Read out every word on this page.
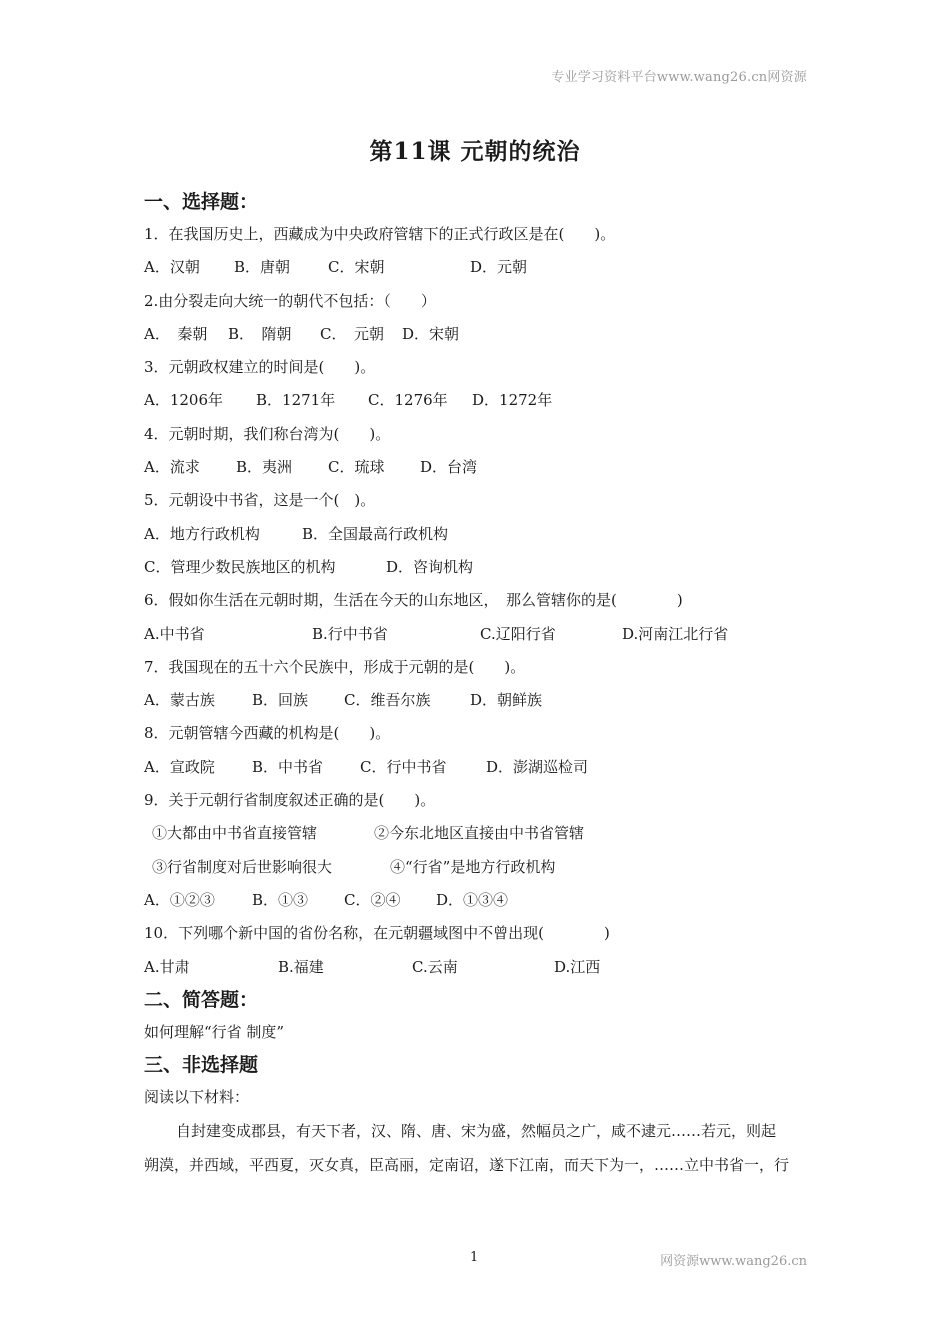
专业学习资料平台www.wang26.cn网资源
第11课 元朝的统治
一、选择题：
1．在我国历史上，西藏成为中央政府管辖下的正式行政区是在(　　)。
A．汉朝 B．唐朝	C．宋朝	D．元朝
2.由分裂走向大统一的朝代不包括：（　　）
A．　秦朝 B．　隋朝 C．　元朝 D．宋朝
3．元朝政权建立的时间是(　　)。
A．1206年 B．1271年 C．1276年 D．1272年
4．元朝时期，我们称台湾为(　　)。
A．流求 B．夷洲 C．琉球 D．台湾
5．元朝设中书省，这是一个(　)。
A．地方行政机构	B．全国最高行政机构
C．管理少数民族地区的机构	D．咨询机构
6．假如你生活在元朝时期，生活在今天的山东地区，　那么管辖你的是(　　　　)
A.中书省	B.行中书省	C.辽阳行省	D.河南江北行省
7．我国现在的五十六个民族中，形成于元朝的是(　　)。
A．蒙古族 B．回族 C．维吾尔族	D．朝鲜族
8．元朝管辖今西藏的机构是(　　)。
A．宣政院 B．中书省 C．行中书省	D．澎湖巡检司
9．关于元朝行省制度叙述正确的是(　　)。
①大都由中书省直接管辖	②今东北地区直接由中书省管辖
③行省制度对后世影响很大	④“行省”是地方行政机构
A．①②③ B．①③ C．②④ D．①③④
10．下列哪个新中国的省份名称，在元朝疆域图中不曾出现(　　　　)
A.甘肃	B.福建	C.云南	D.江西
二、简答题：
如何理解“行省 制度”
三、非选择题
阅读以下材料：
自封建变成郡县，有天下者，汉、隋、唐、宋为盛，然幅员之广，咸不逮元……若元，则起
朔漠，并西域，平西夏，灭女真，臣高丽，定南诏，遂下江南，而天下为一，……立中书省一，行
1	网资源www.wang26.cn
